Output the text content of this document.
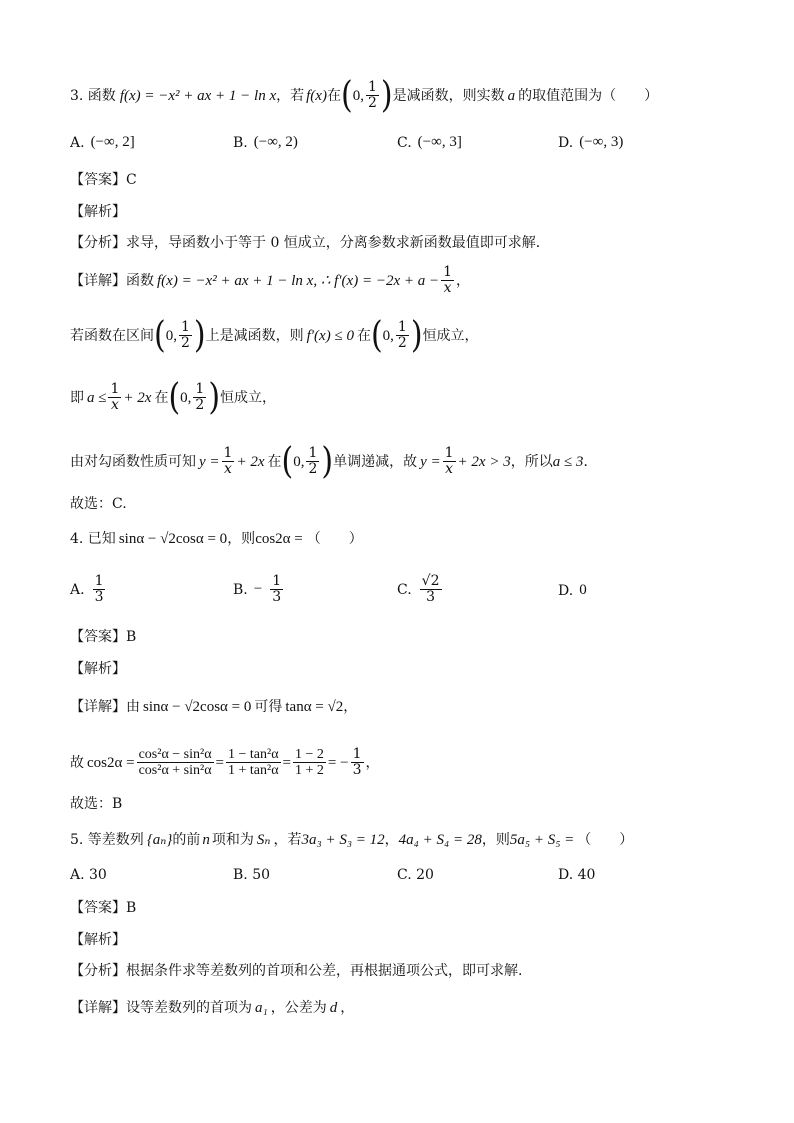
3. 函数 f(x) = −x² + ax + 1 − ln x ，若 f(x) 在 ( 0, $\frac{1}{2}$ ) 是减函数，则实数 a 的取值范围为（　　）
A. (−∞, 2]	B. (−∞, 2)	C. (−∞, 3]	D. (−∞, 3)
【答案】C
【解析】
【分析】求导，导函数小于等于 0 恒成立，分离参数求新函数最值即可求解．
【详解】函数 f(x) = −x² + ax + 1 − ln x, ∴ $f'(x) = -2x + a - \frac{1}{x}$ ，
若函数在区间 ( 0, $\frac{1}{2}$ ) 上是减函数，则 f′(x) ≤ 0 在 ( 0, $\frac{1}{2}$ ) 恒成立，
即 $a \le \frac{1}{x} + 2x$ 在 ( 0, $\frac{1}{2}$ ) 恒成立，
由对勾函数性质可知 $y = \frac{1}{x} + 2x$ 在 ( 0, $\frac{1}{2}$ ) 单调递减，故 $y = \frac{1}{x} + 2x > 3$ ，所以 a ≤ 3 ．
故选：C.
4. 已知 sinα − √2cosα = 0 ，则 cos2α = （　　）
A. $\frac{1}{3}$	B. − $\frac{1}{3}$	C. $\frac{√2}{3}$	D. 0
【答案】B
【解析】
【详解】由 sinα − √2cosα = 0 可得 tanα = √2 ，
故 $\cos 2\alpha = \frac{\text{cos²α − sin²α}}{\text{cos²α + sin²α}} = \frac{\text{1 − tan²α}}{\text{1 + tan²α}} = \frac{1 - 2}{1 + 2}$ = − $\frac{1}{3}$ ，
故选：B
5. 等差数列 {aₙ} 的前 n 项和为 Sₙ ，若 3a₃ + S₃ = 12 ， 4a₄ + S₄ = 28 ，则 5a₅ + S₅ = （　　）
A. 30	B. 50	C. 20	D. 40
【答案】B
【解析】
【分析】根据条件求等差数列的首项和公差，再根据通项公式，即可求解.
【详解】设等差数列的首项为 a₁ ，公差为 d ，
